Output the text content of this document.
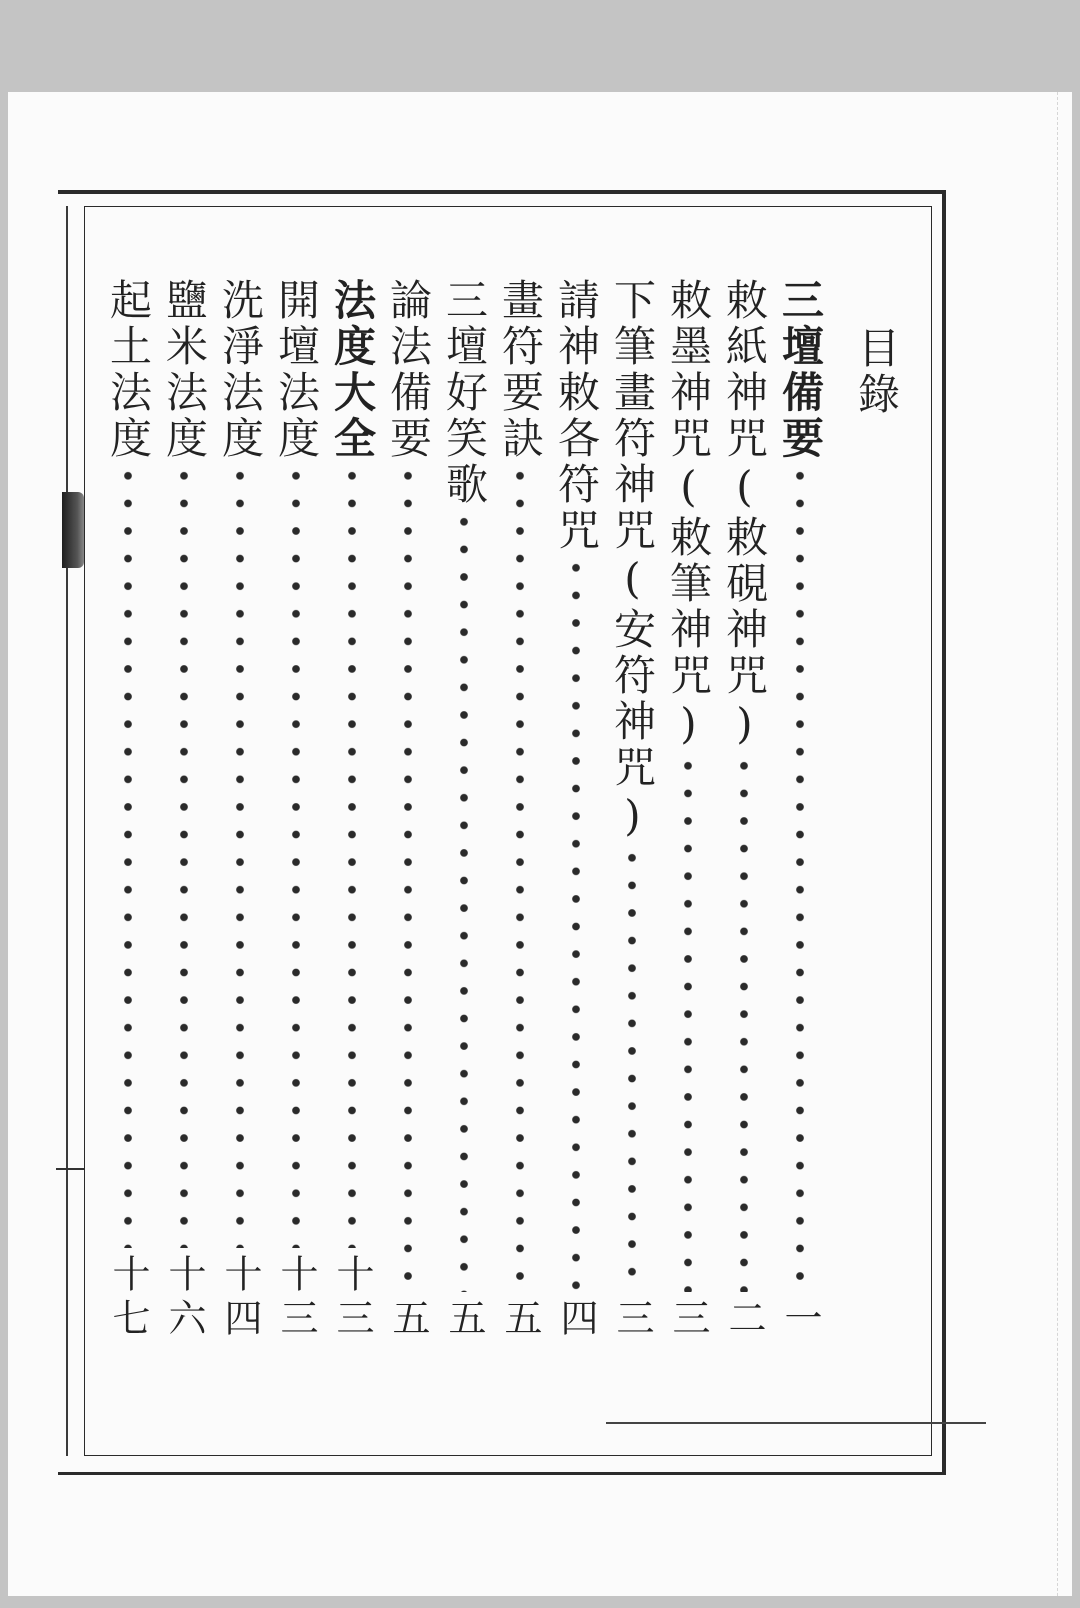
目錄
三壇備要
一
敕紙神咒(敕硯神咒)
二
敕墨神咒(敕筆神咒)
三
下筆畫符神咒(安符神咒)
三
請神敕各符咒
四
畫符要訣
五
三壇好笑歌
五
論法備要
五
法度大全
十三
開壇法度
十三
洗淨法度
十四
鹽米法度
十六
起土法度
十七
